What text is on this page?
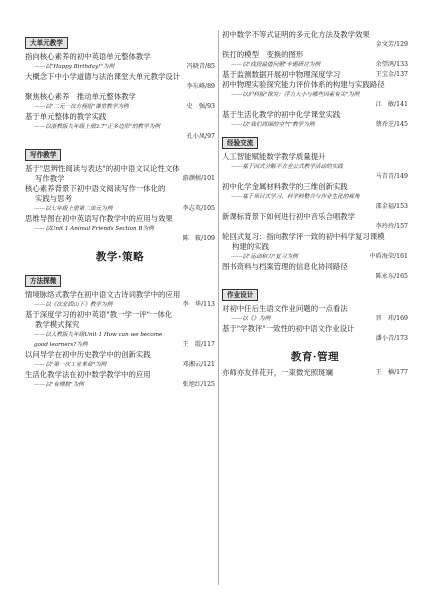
大单元教学
指向核心素养的初中英语单元整体教学
——以"Happy Birthday!"为例	冯晓青/85
大概念下中小学道德与法治课堂大单元教学设计
李东峰/89
聚焦核心素养　推动单元整体教学
——以"二元一次方程组"课堂教学为例	史　强/93
基于单元整体的教学实践
——以浙教版九年级上册3.7"正多边形"的教学为例
孔小凤/97
写作教学
基于"思辨性阅读与表达"的初中语文议论性文体
写作教学	游颜榕/101
核心素养背景下初中语文阅读写作一体化的
实践与思考
——以七年级上册第二单元为例	李志英/105
思维导图在初中英语写作教学中的应用与效果
——以Unit 1 Animal Friends Section B为例
陈　筱/109
教学·策略
方法探微
情境脉络式教学在初中语文古诗词教学中的应用
——以《次北固山下》教学为例	李　华/113
基于深度学习的初中英语"教一学一评"一体化
教学模式探究
——以人教版九年级Unit 1 How can we become
good learners?为例	王　霞/117
以问导学在初中历史教学中的创新实践
——以"第一次工业革命"为例	邓湘云/121
生活化教学法在初中数学教学中的应用
——以"有理数"为例	张旭红/125
初中数学不等式证明的多元化方法及教学效果
金文芳/129
铁打的模型　变换的图形
——以"线段最值问题"专题研讨为例	余望鸿/133
基于监测数据开展初中物理深度学习	王宝金/137
初中物理实验探究能力评价体系的构建与实践路径
——以沪科版"探究：浮力大小与哪些因素有关"为例
江　敏/141
基于生活化教学的初中化学课堂实践
——以"我们周围的空气"教学为例	蔡乔芝/145
经验交流
人工智能赋能数学教学质量提升
——基于因式分解平方差公式教学活动的实践
马青青/149
初中化学金属材料教学的三维创新实践
——基于项目式学习、科学料整合与作业生化的视角
邵金福/153
新课标背景下如何进行初中音乐合唱教学
李玲玲/157
轮回式复习：指向教学评一致的初中科学复习课模
构建的实践
——以"运动和力"复习为例	中盾海荣/161
图书资料与档案管理的信息化协同路径
陈永东/165
作业设计
对初中任后生语文作业问题的一点看法
——以《》为例	晋　玮/169
基于"学教评"一致性的初中语文作业设计
潘小青/173
教育·管理
亦师亦友伴花开，一束微光照斑斓	王　楠/177
